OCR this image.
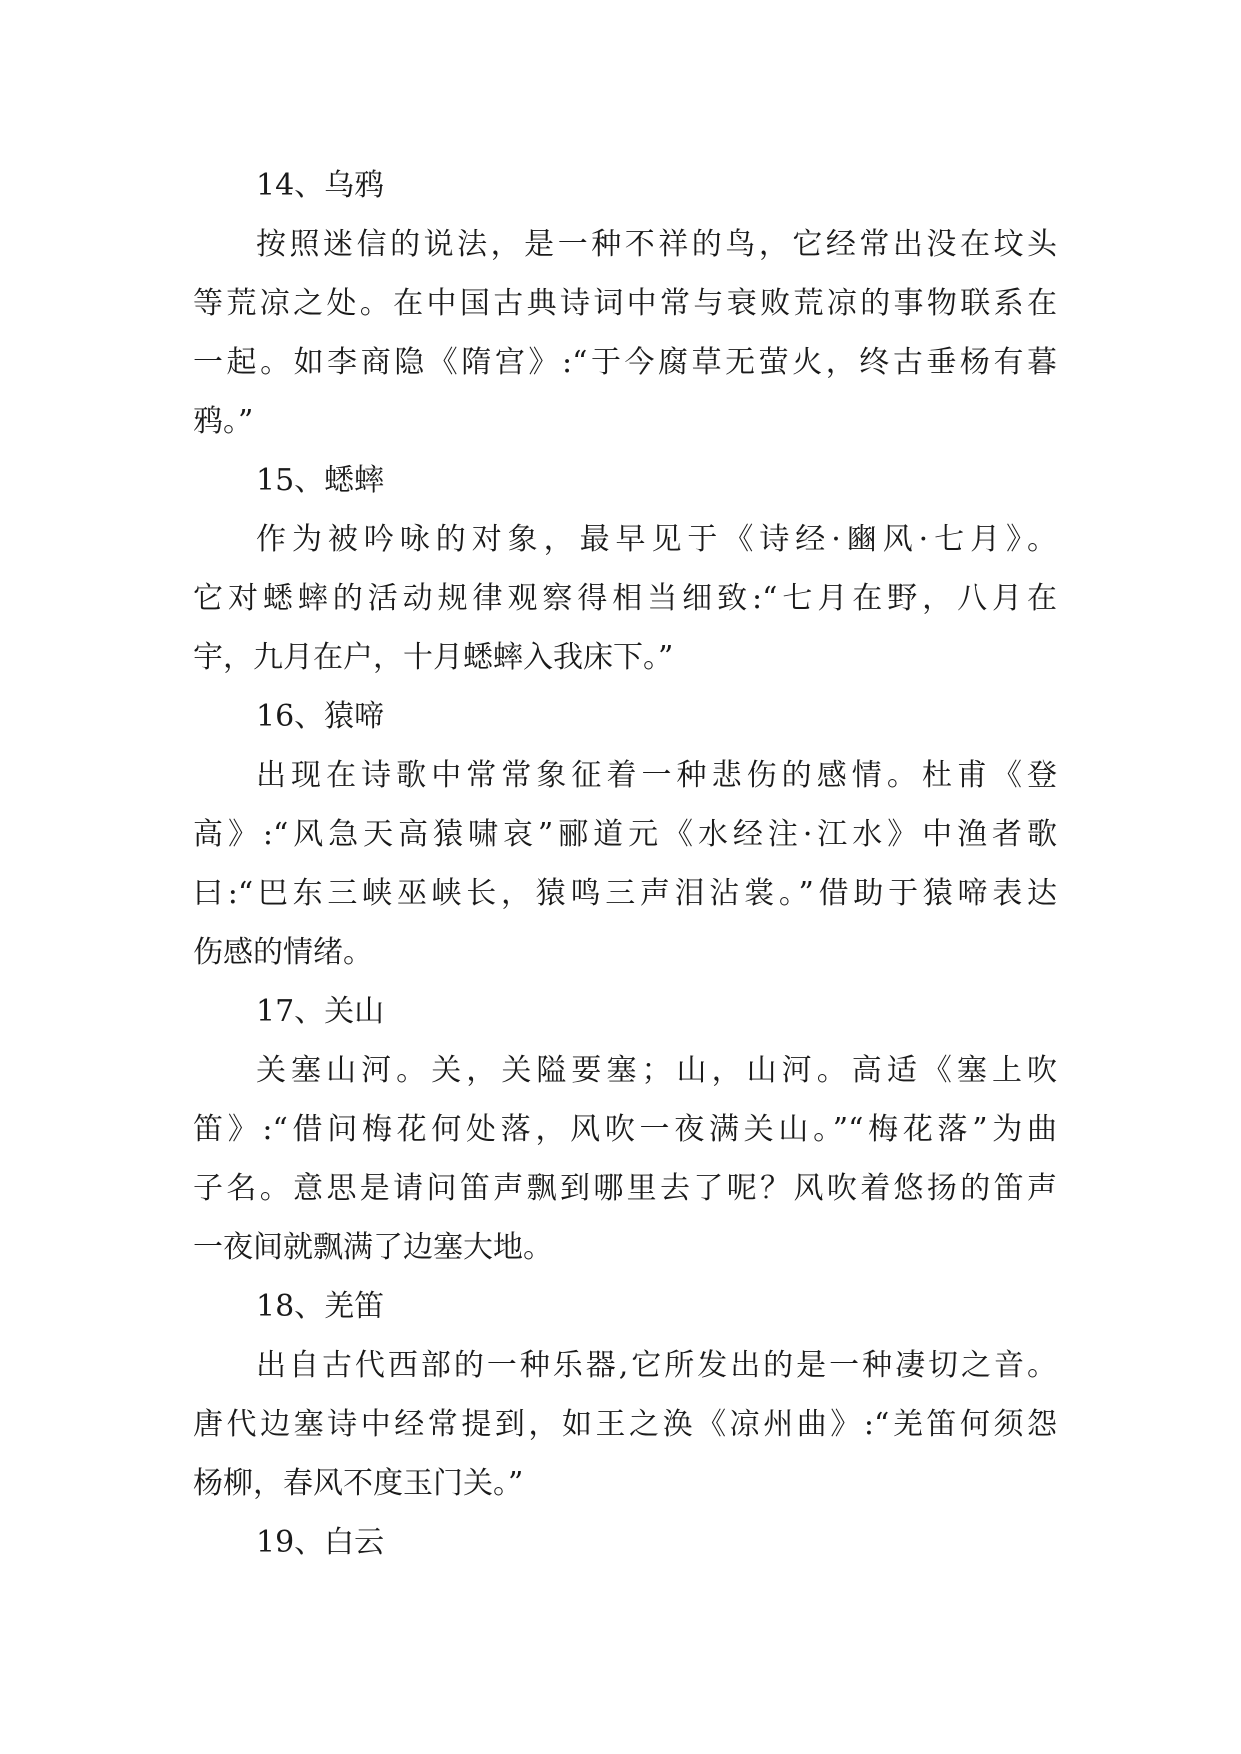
14、乌鸦
按照迷信的说法，是一种不祥的鸟，它经常出没在坟头
等荒凉之处。在中国古典诗词中常与衰败荒凉的事物联系在
一起。如李商隐《隋宫》:“于今腐草无萤火，终古垂杨有暮
鸦。”
15、蟋蟀
作为被吟咏的对象，最早见于《诗经·豳风·七月》。
它对蟋蟀的活动规律观察得相当细致:“七月在野，八月在
宇，九月在户，十月蟋蟀入我床下。”
16、猿啼
出现在诗歌中常常象征着一种悲伤的感情。杜甫《登
高》:“风急天高猿啸哀”郦道元《水经注·江水》中渔者歌
曰:“巴东三峡巫峡长，猿鸣三声泪沾裳。”借助于猿啼表达
伤感的情绪。
17、关山
关塞山河。关，关隘要塞；山，山河。高适《塞上吹
笛》:“借问梅花何处落，风吹一夜满关山。”“梅花落”为曲
子名。意思是请问笛声飘到哪里去了呢？风吹着悠扬的笛声
一夜间就飘满了边塞大地。
18、羌笛
出自古代西部的一种乐器,它所发出的是一种凄切之音。
唐代边塞诗中经常提到，如王之涣《凉州曲》:“羌笛何须怨
杨柳，春风不度玉门关。”
19、白云
